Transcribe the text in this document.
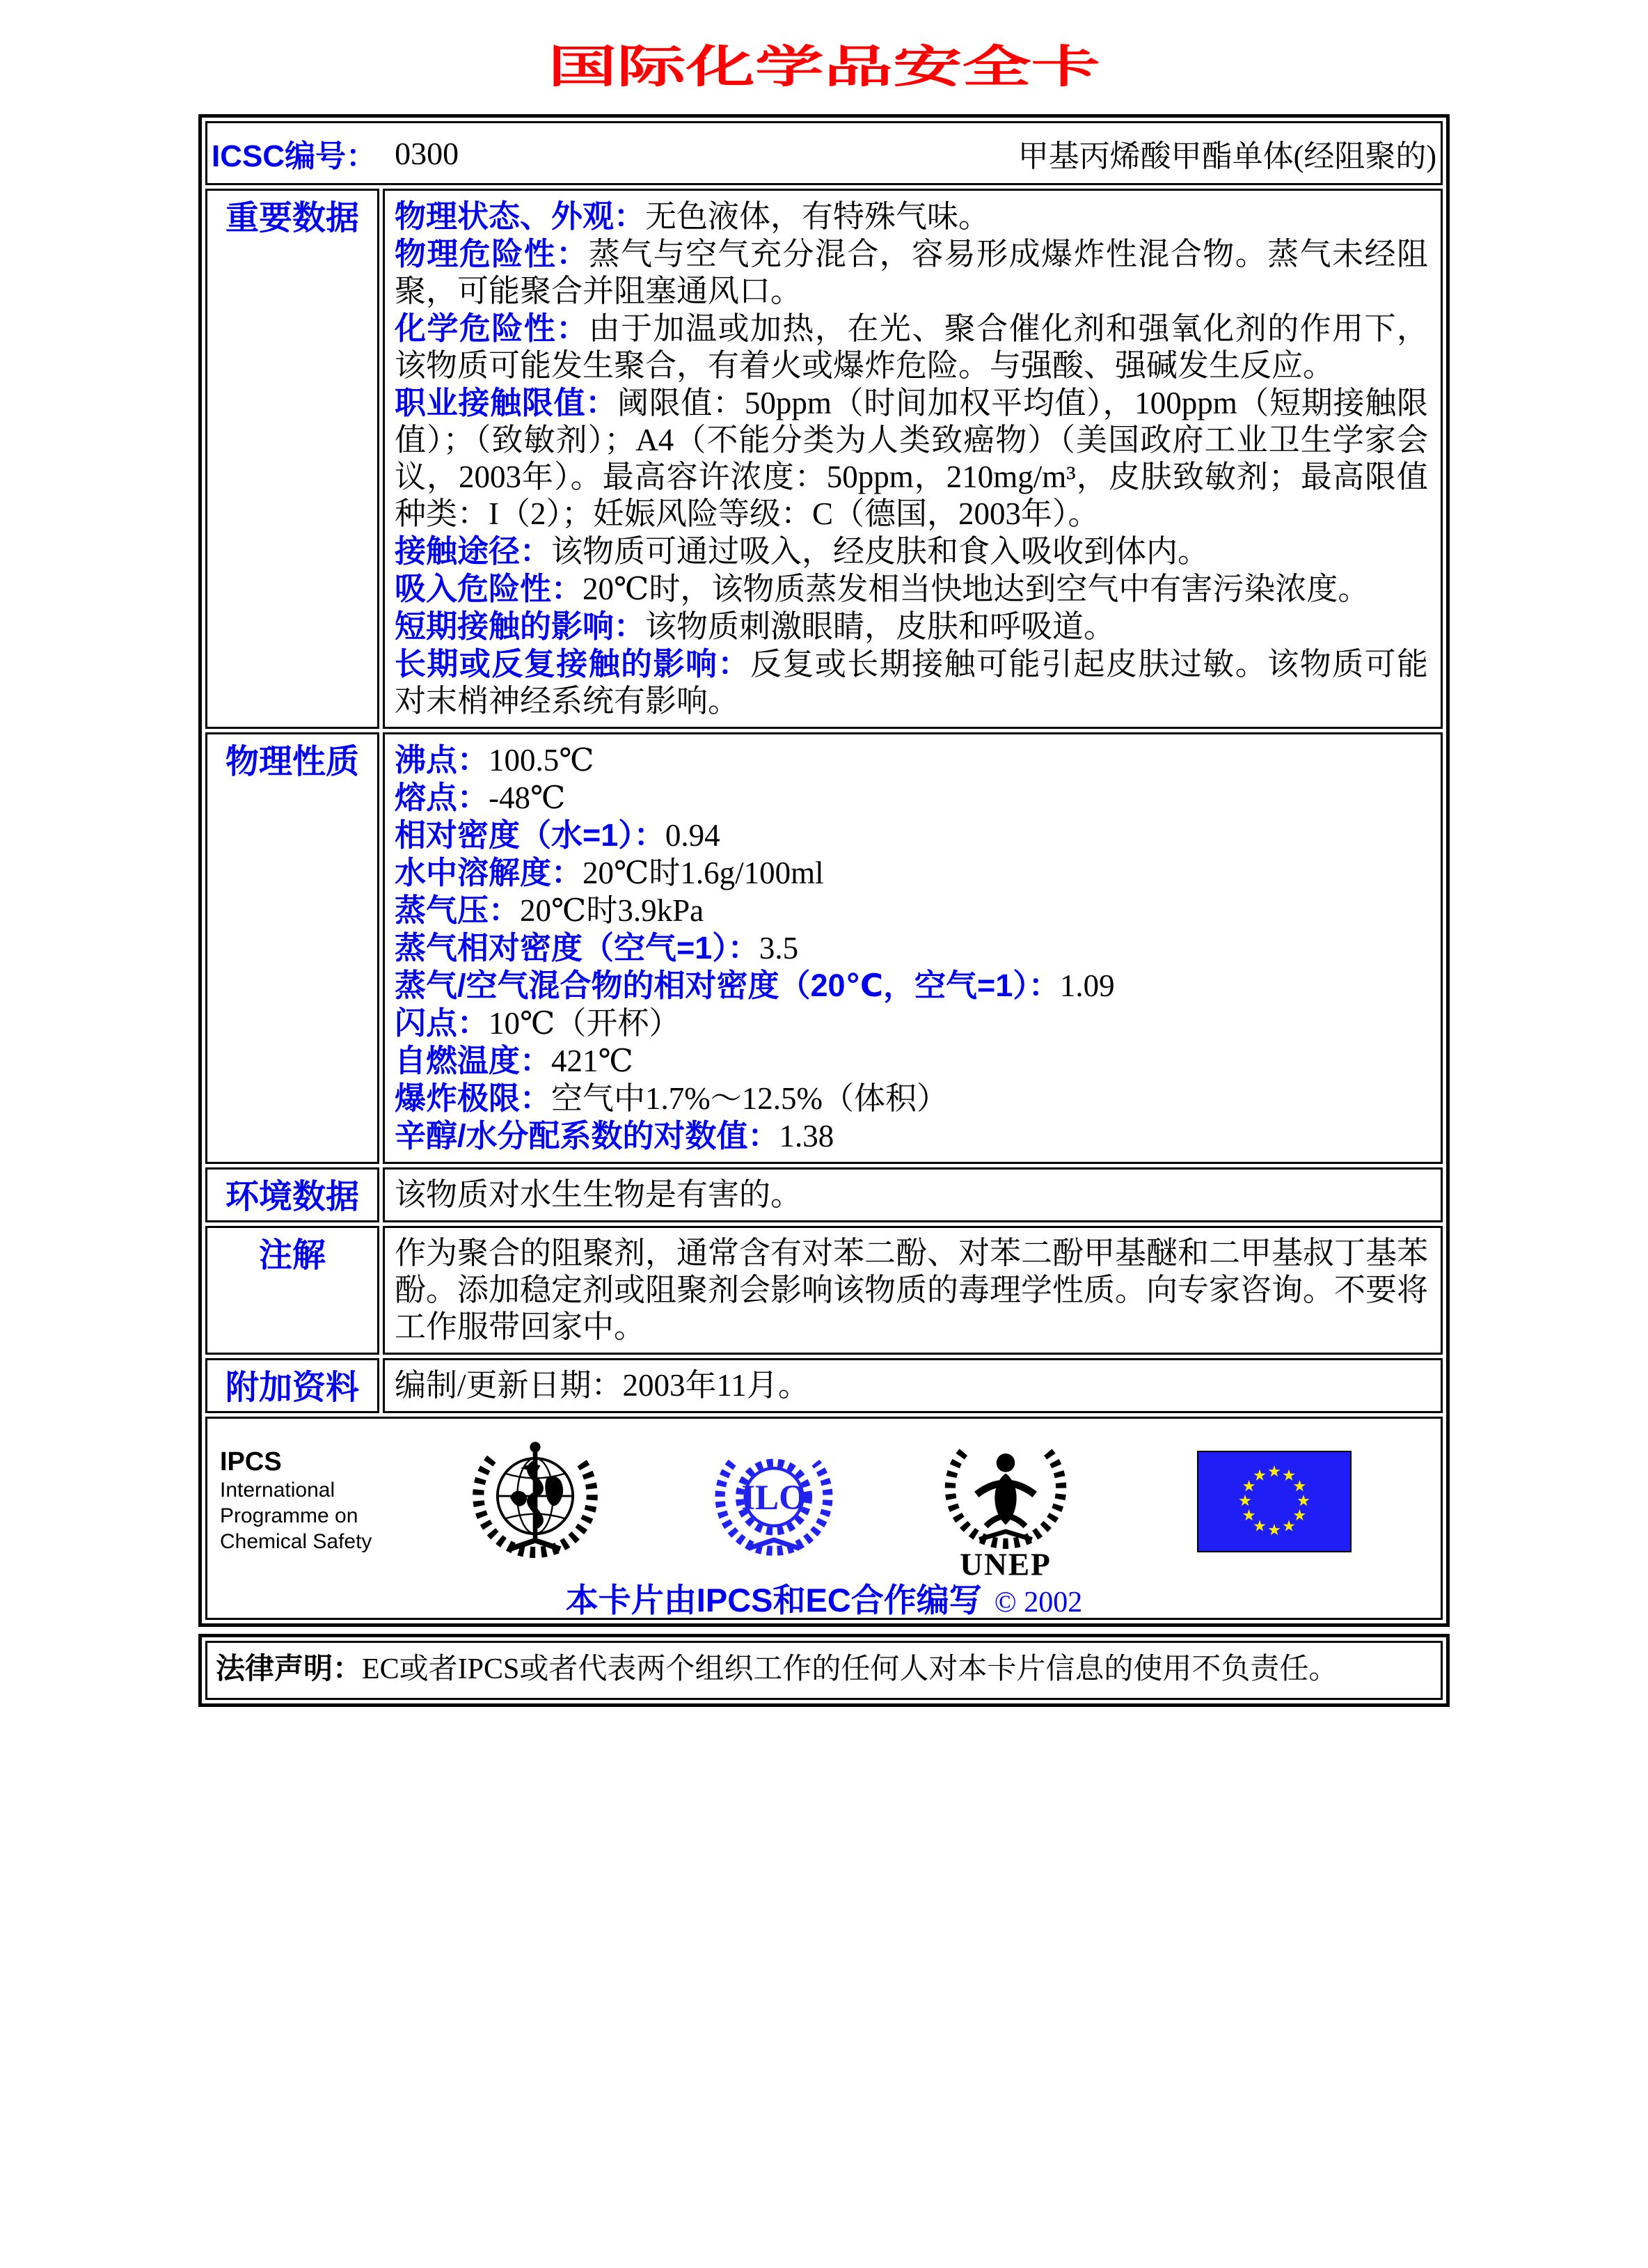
国际化学品安全卡
ICSC编号： 0300 甲基丙烯酸甲酯单体(经阻聚的)	

重要数据	物理状态、外观：无色液体，有特殊气味。
物理危险性：蒸气与空气充分混合，容易形成爆炸性混合物。蒸气未经阻聚，可能聚合并阻塞通风口。
化学危险性：由于加温或加热，在光、聚合催化剂和强氧化剂的作用下，该物质可能发生聚合，有着火或爆炸危险。与强酸、强碱发生反应。
职业接触限值：阈限值：50ppm（时间加权平均值），100ppm（短期接触限值）；（致敏剂）；A4（不能分类为人类致癌物）（美国政府工业卫生学家会议，2003年）。最高容许浓度：50ppm，210mg/m³，皮肤致敏剂；最高限值种类：I（2）；妊娠风险等级：C（德国，2003年）。
接触途径：该物质可通过吸入，经皮肤和食入吸收到体内。
吸入危险性：20℃时，该物质蒸发相当快地达到空气中有害污染浓度。
短期接触的影响：该物质刺激眼睛，皮肤和呼吸道。
长期或反复接触的影响：反复或长期接触可能引起皮肤过敏。该物质可能对末梢神经系统有影响。

物理性质	沸点：100.5℃
熔点：-48℃
相对密度（水=1）：0.94
水中溶解度：20℃时1.6g/100ml
蒸气压：20℃时3.9kPa
蒸气相对密度（空气=1）：3.5
蒸气/空气混合物的相对密度（20℃，空气=1）：1.09
闪点：10℃（开杯）
自燃温度：421℃
爆炸极限：空气中1.7%～12.5%（体积）
辛醇/水分配系数的对数值：1.38

环境数据	该物质对水生生物是有害的。

注解	作为聚合的阻聚剂，通常含有对苯二酚、对苯二酚甲基醚和二甲基叔丁基苯酚。添加稳定剂或阻聚剂会影响该物质的毒理学性质。向专家咨询。不要将工作服带回家中。

附加资料	编制/更新日期：2003年11月。

IPCS
International
Programme on
Chemical Safety
ILO
UNEP
本卡片由IPCS和EC合作编写 © 2002
法律声明：EC或者IPCS或者代表两个组织工作的任何人对本卡片信息的使用不负责任。
